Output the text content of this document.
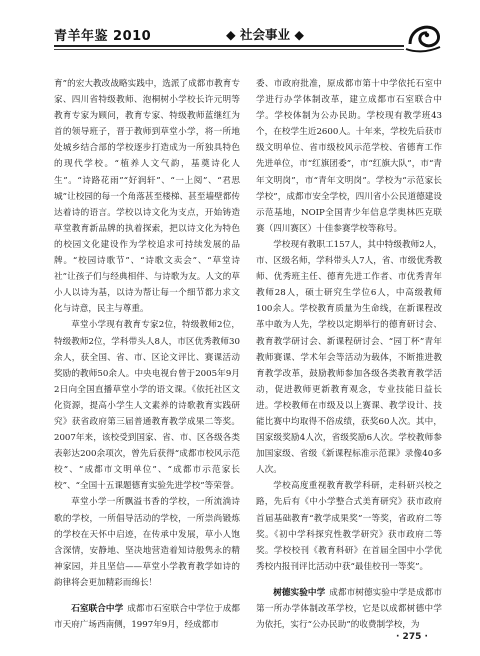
青羊年鉴 2010	◆ 社会事业 ◆

育”的宏大教改战略实践中，选派了成都市教育专家、四川省特级教师、泡桐树小学校长许元明等教育专家为顾问，教育专家、特级教师蓝继红为首的领导班子，晋于教师到草堂小学，将一所地处城乡结合部的学校逐步打造成为一所独具特色的现代学校。“植养人文气韵，基奠诗化人生”。“诗路花雨”“好润轩”、“一上阅”、“君思城”让校园的每一个角落甚至楼梯、甚至墙壁都传达着诗的语言。学校以诗文化为支点，开始铸造草堂教育新品牌的执着探索，把以诗文化为特色的校园文化建设作为学校追求可持续发展的品牌。“校园诗歌节”、“诗歌文卖会”、“草堂诗社”让孩子们与经典相伴、与诗歌为友。人文的草小人以诗为基，以诗为帮让每一个细节都力求文化与诗意，民主与尊重。

草堂小学现有教育专家2位，特级教师2位，特级教师2位，学科带头人8人，市区优秀教师30余人，获全国、省、市、区论文评比、赛课活动奖励的教师50余人。中央电视台曾于2005年9月2日向全国直播草堂小学的语文课。《依托社区文化资源，提高小学生人文素养的诗歌教育实践研究》获省政府第三届普通教育教学成果二等奖。2007年来，该校受到国家、省、市、区各级各类表彰达200余项次，曾先后获得“成都市校风示范校”、“成都市文明单位”、“成都市示范家长校”、“全国十五课题德育实验先进学校”等荣誉。

草堂小学一所飘溢书香的学校，一所流淌诗歌的学校，一所倡导活动的学校，一所崇尚锻炼的学校在天怀中启迹，在传承中发展，草小人饱含深情，安静地、坚决地营造着知诗般隽永的精神家园，并且坚信——草堂小学教育教学如诗的韵律将会更加精彩而绵长！

石室联合中学 成都市石室联合中学位于成都市天府广场西南侧，1997年9月，经成都市

委、市政府批准，原成都市第十中学依托石室中学进行办学体制改革，建立成都市石室联合中学。学校体制为公办民助。学校现有教学班43个，在校学生近2600人。十年来，学校先后获市级文明单位、省市级校风示范学校、省德育工作先进单位，市“红旗团委”，市“红旗大队”，市“青年文明岗”，市“青年文明岗”。学校为“示范家长学校”，成都市安全学校，四川省小公民道德建设示范基地，NOIP全国青少年信息学奥林匹克联赛（四川赛区）十佳参赛学校等称号。

学校现有教职工157人，其中特级教师2人，市、区级名师，学科带头人7人，省、市级优秀教师、优秀班主任、德育先进工作者、市优秀青年教师28人，硕士研究生学位6人，中高级教师100余人。学校教育质量为生命线，在新课程改革中敢为人先，学校以定期举行的德育研讨会、教育教学研讨会、新课程研讨会、“园丁杯”青年教师赛课、学术年会等活动为载体，不断推进教育教学改革，鼓励教师参加各级各类教育教学活动，促进教师更新教育观念，专业技能日益长进。学校教师在市级及以上赛课、教学设计、技能比赛中均取得不俗成绩，获奖60人次。其中，国家级奖励4人次，省级奖励6人次。学校教师参加国家级、省级《新课程标准示范课》录像40多人次。

学校高度重视教育教学科研，走科研兴校之路，先后有《中小学整合式美育研究》获市政府首届基础教育“教学成果奖”一等奖，省政府二等奖。《初中学科探究性教学研究》获市政府二等奖。学校校刊《教育科研》在首届全国中小学优秀校内报刊评比活动中获“最佳校刊一等奖”。

树德实验中学 成都市树德实验中学是成都市第一所办学体制改革学校，它是以成都树德中学为依托，实行“公办民助”的收费制学校，为

· 275 ·
